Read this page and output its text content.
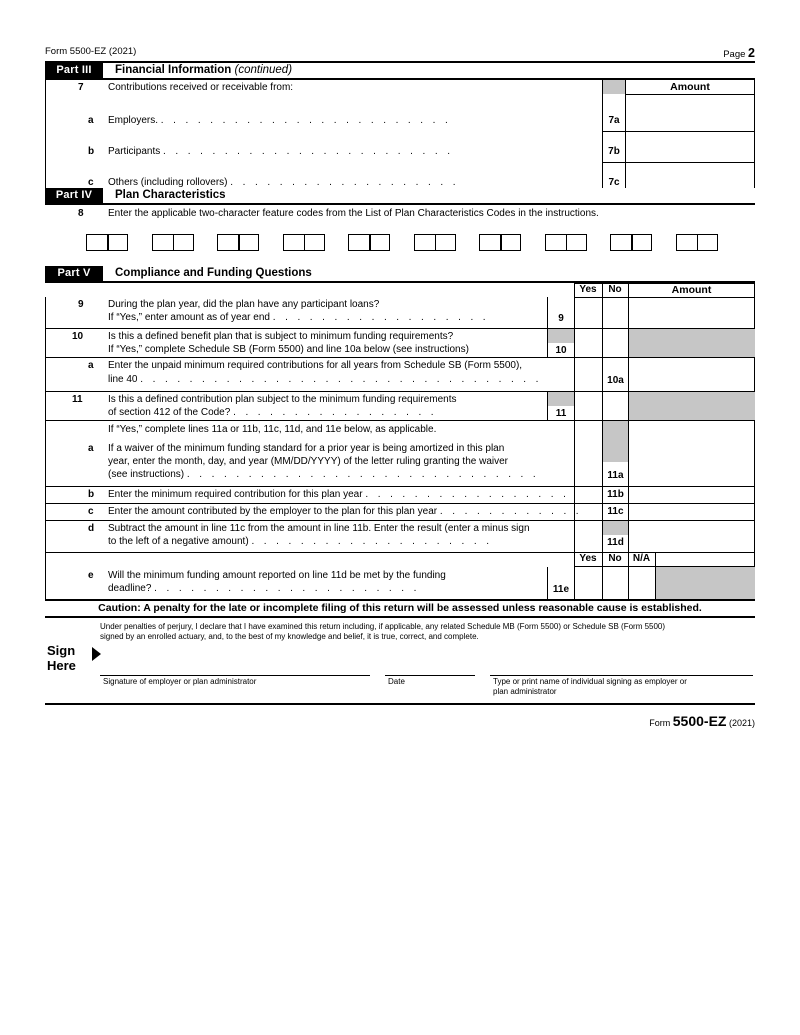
Form 5500-EZ (2021)	Page 2
Part III	Financial Information (continued)
Amount
7 Contributions received or receivable from:
a Employers. . . . . . . . . . . . . . . . . . . . . . . . .	7a
b Participants . . . . . . . . . . . . . . . . . . . . . . . .	7b
c Others (including rollovers) . . . . . . . . . . . . . . . . . . .	7c
Part IV	Plan Characteristics
8 Enter the applicable two-character feature codes from the List of Plan Characteristics Codes in the instructions.
Part V	Compliance and Funding Questions
Yes	No	Amount
9 During the plan year, did the plan have any participant loans?
If “Yes,” enter amount as of year end . . . . . . . . . . . . . . . . . .	9
10 Is this a defined benefit plan that is subject to minimum funding requirements?
If “Yes,” complete Schedule SB (Form 5500) and line 10a below (see instructions)	10
a Enter the unpaid minimum required contributions for all years from Schedule SB (Form 5500),
line 40 . . . . . . . . . . . . . . . . . . . . . . . . . . . . . . . . .	10a
11	Is this a defined contribution plan subject to the minimum funding requirements
of section 412 of the Code? . . . . . . . . . . . . . . . . .	11
If “Yes,” complete lines 11a or 11b, 11c, 11d, and 11e below, as applicable.
a If a waiver of the minimum funding standard for a prior year is being amortized in this plan
year, enter the month, day, and year (MM/DD/YYYY) of the letter ruling granting the waiver
(see instructions) . . . . . . . . . . . . . . . . . . . . . . . . . . . . .	11a
b Enter the minimum required contribution for this plan year . . . . . . . . . . . . . . . . .	11b
c Enter the amount contributed by the employer to the plan for this plan year . . . . . . . . . . . .	11c
d Subtract the amount in line 11c from the amount in line 11b. Enter the result (enter a minus sign
to the left of a negative amount) . . . . . . . . . . . . . . . . . . . .	11d
Yes	No	N/A
e Will the minimum funding amount reported on line 11d be met by the funding
deadline? . . . . . . . . . . . . . . . . . . . . . .	11e
Caution: A penalty for the late or incomplete filing of this return will be assessed unless reasonable cause is established.
Under penalties of perjury, I declare that I have examined this return including, if applicable, any related Schedule MB (Form 5500) or Schedule SB (Form 5500)
signed by an enrolled actuary, and, to the best of my knowledge and belief, it is true, correct, and complete.
Sign
Here
Signature of employer or plan administrator	Date	Type or print name of individual signing as employer or
plan administrator
Form 5500-EZ (2021)
